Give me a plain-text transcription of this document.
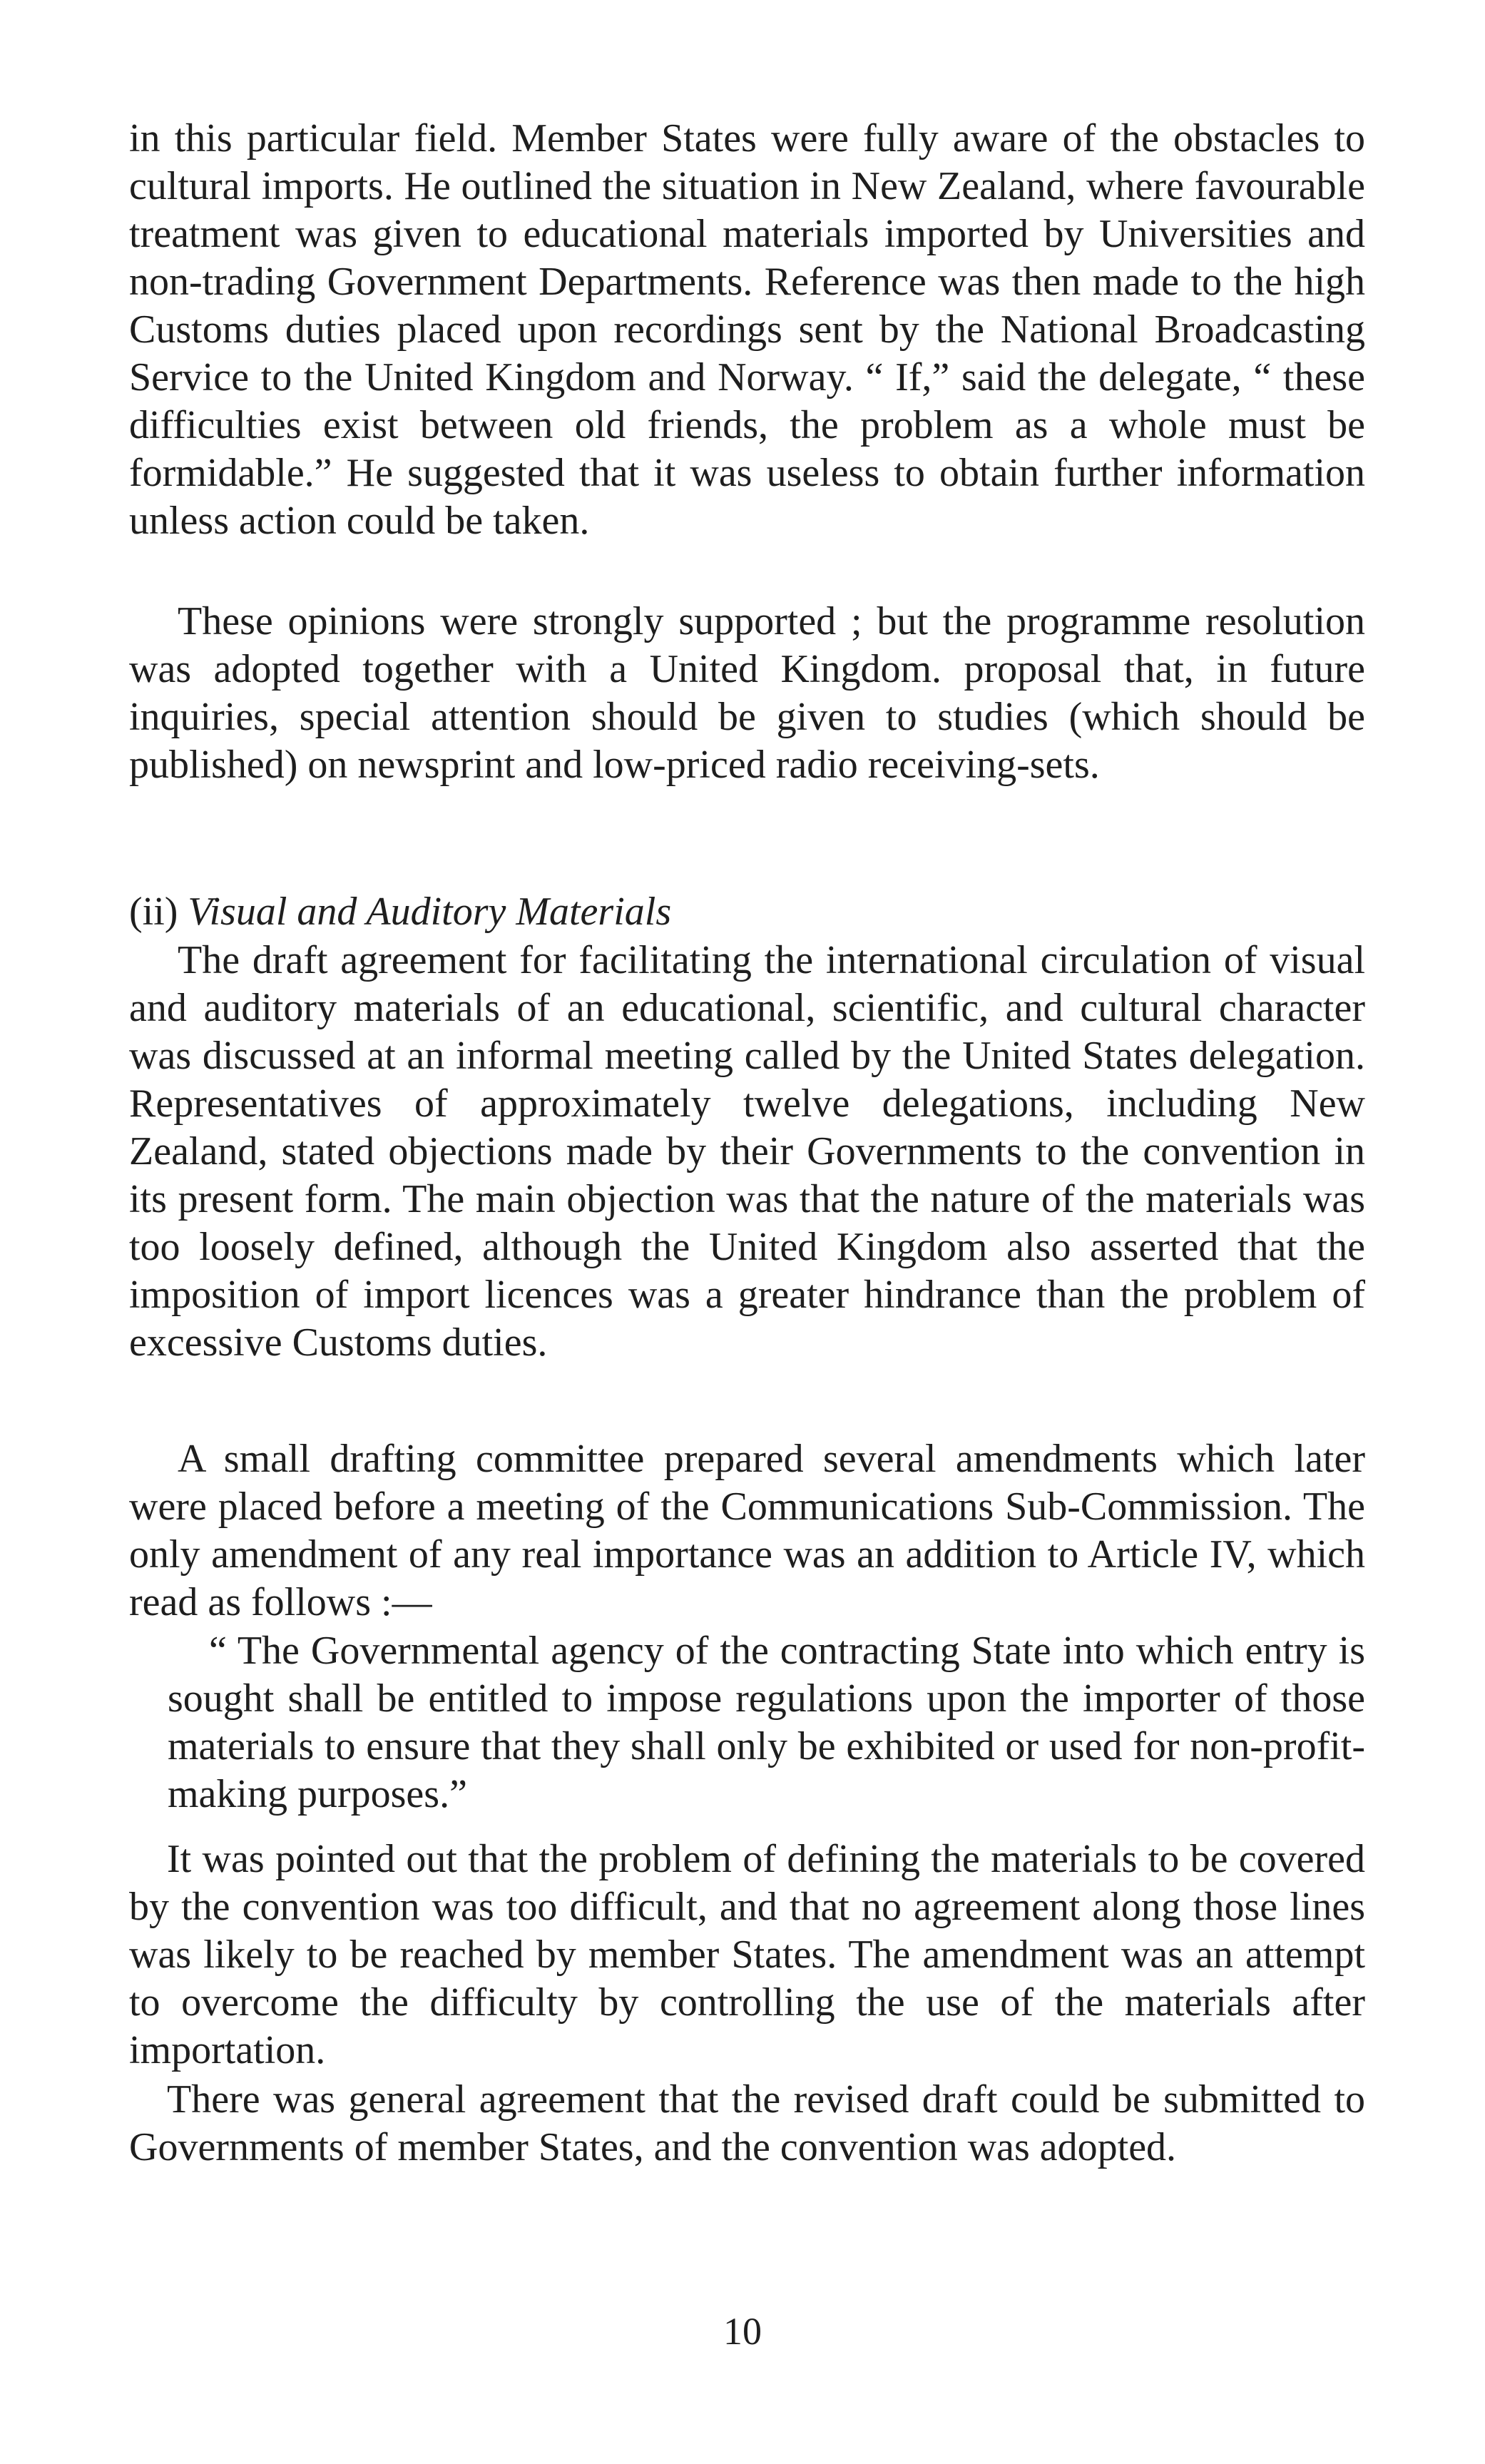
in this particular field. Member States were fully aware of the obstacles to cultural imports. He outlined the situation in New Zealand, where favourable treatment was given to educational materials imported by Universities and non-trading Government Departments. Reference was then made to the high Customs duties placed upon recordings sent by the National Broadcasting Service to the United Kingdom and Norway. “ If,” said the delegate, “ these difficulties exist between old friends, the problem as a whole must be formidable.” He suggested that it was useless to obtain further information unless action could be taken.

These opinions were strongly supported ; but the programme resolution was adopted together with a United Kingdom. proposal that, in future inquiries, special attention should be given to studies (which should be published) on newsprint and low-priced radio receiving-sets.

(ii) Visual and Auditory Materials

The draft agreement for facilitating the international circulation of visual and auditory materials of an educational, scientific, and cultural character was discussed at an informal meeting called by the United States delegation. Representatives of approximately twelve delegations, including New Zealand, stated objections made by their Governments to the convention in its present form. The main objection was that the nature of the materials was too loosely defined, although the United Kingdom also asserted that the imposition of import licences was a greater hindrance than the problem of excessive Customs duties.

A small drafting committee prepared several amendments which later were placed before a meeting of the Communications Sub-Commission. The only amendment of any real importance was an addition to Article IV, which read as follows :—

“ The Governmental agency of the contracting State into which entry is sought shall be entitled to impose regulations upon the importer of those materials to ensure that they shall only be exhibited or used for non-profit-making purposes.”

It was pointed out that the problem of defining the materials to be covered by the convention was too difficult, and that no agreement along those lines was likely to be reached by member States. The amendment was an attempt to overcome the difficulty by controlling the use of the materials after importation.

There was general agreement that the revised draft could be submitted to Governments of member States, and the convention was adopted.

10
